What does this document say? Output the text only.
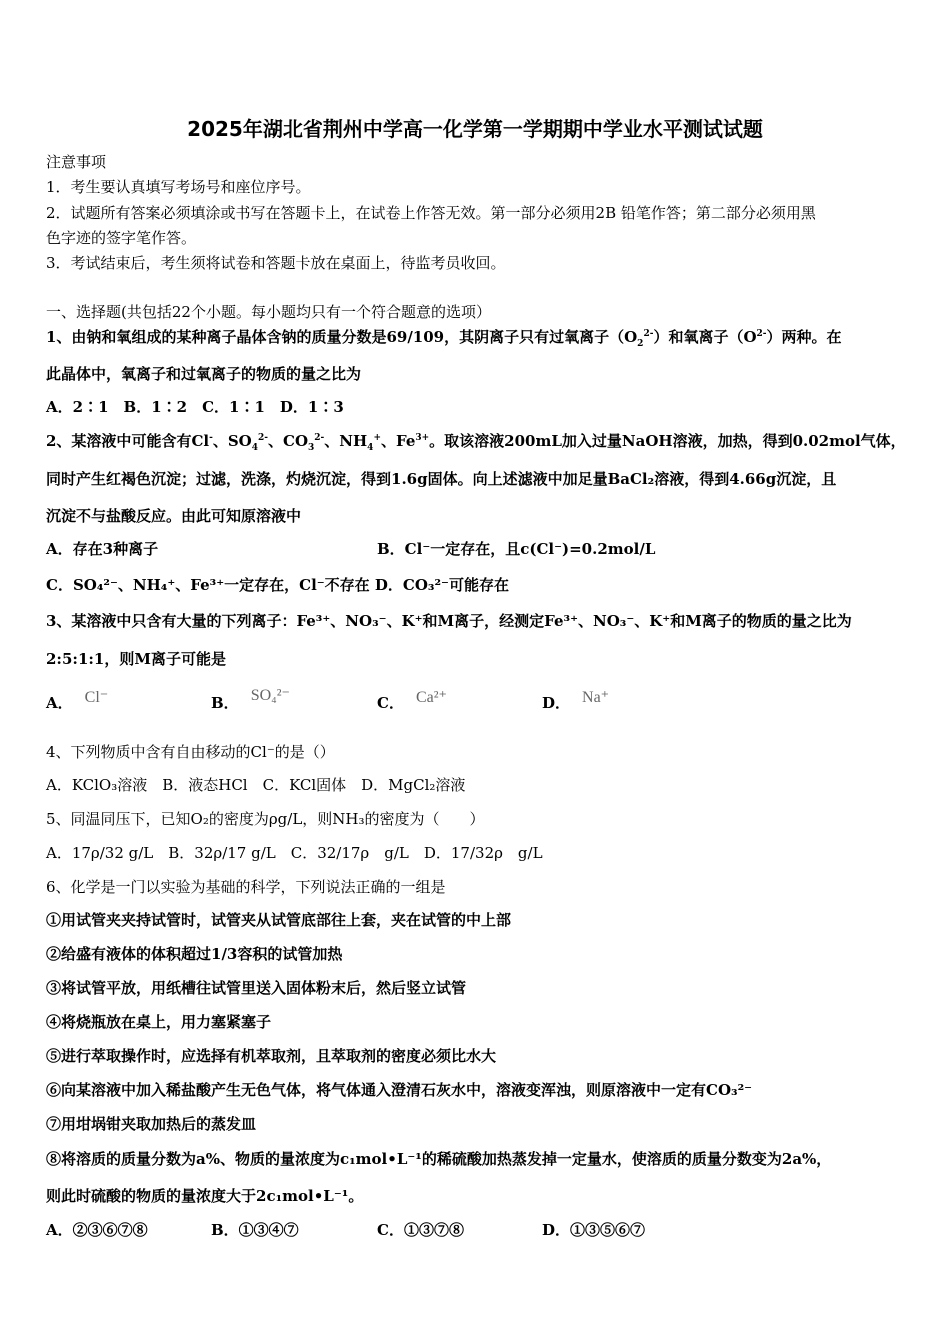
2025年湖北省荆州中学高一化学第一学期期中学业水平测试试题
注意事项
1．考生要认真填写考场号和座位序号。
2．试题所有答案必须填涂或书写在答题卡上，在试卷上作答无效。第一部分必须用2B 铅笔作答；第二部分必须用黑
色字迹的签字笔作答。
3．考试结束后，考生须将试卷和答题卡放在桌面上，待监考员收回。
一、选择题(共包括22个小题。每小题均只有一个符合题意的选项）
1、由钠和氧组成的某种离子晶体含钠的质量分数是69/109，其阴离子只有过氧离子$(O_2^{2-})$和氧离子$(O^{2-})$两种。在
此晶体中，氧离子和过氧离子的物质的量之比为
A．2∶1　B．1∶2　C．1∶1　D．1∶3
2、某溶液中可能含有Cl-、$SO_4^{2-}$、$CO_3^{2-}$、$NH_4^+$、$Fe^{3+}$。取该溶液200mL加入过量NaOH溶液，加热，得到0.02mol气体，
同时产生红褐色沉淀；过滤，洗涤，灼烧沉淀，得到1.6g固体。向上述滤液中加足量BaCl₂溶液，得到4.66g沉淀，且
沉淀不与盐酸反应。由此可知原溶液中
A．存在3种离子	B．Cl⁻一定存在，且c(Cl⁻)=0.2mol/L
C．SO₄²⁻、NH₄⁺、Fe³⁺一定存在，Cl⁻不存在 D．CO₃²⁻可能存在
3、某溶液中只含有大量的下列离子：Fe³⁺、NO₃⁻、K⁺和M离子，经测定Fe³⁺、NO₃⁻、K⁺和M离子的物质的量之比为
2:5:1:1，则M离子可能是
A． Cl⁻	B． SO₄²⁻	C． Ca²⁺	D． Na⁺
4、下列物质中含有自由移动的Cl⁻的是（）
A．KClO₃溶液　B．液态HCl　C．KCl固体　D．MgCl₂溶液
5、同温同压下，已知O₂的密度为ρg/L，则NH₃的密度为（　　）
A．17ρ/32 g/L　B．32ρ/17 g/L　C．32/17ρ　g/L　D．17/32ρ　g/L
6、化学是一门以实验为基础的科学，下列说法正确的一组是
①用试管夹夹持试管时，试管夹从试管底部往上套，夹在试管的中上部
②给盛有液体的体积超过1/3容积的试管加热
③将试管平放，用纸槽往试管里送入固体粉末后，然后竖立试管
④将烧瓶放在桌上，用力塞紧塞子
⑤进行萃取操作时，应选择有机萃取剂，且萃取剂的密度必须比水大
⑥向某溶液中加入稀盐酸产生无色气体，将气体通入澄清石灰水中，溶液变浑浊，则原溶液中一定有CO₃²⁻
⑦用坩埚钳夹取加热后的蒸发皿
⑧将溶质的质量分数为a%、物质的量浓度为c₁mol•L⁻¹的稀硫酸加热蒸发掉一定量水，使溶质的质量分数变为2a%，
则此时硫酸的物质的量浓度大于2c₁mol•L⁻¹。
A．②③⑥⑦⑧	B．①③④⑦	C．①③⑦⑧	D．①③⑤⑥⑦
